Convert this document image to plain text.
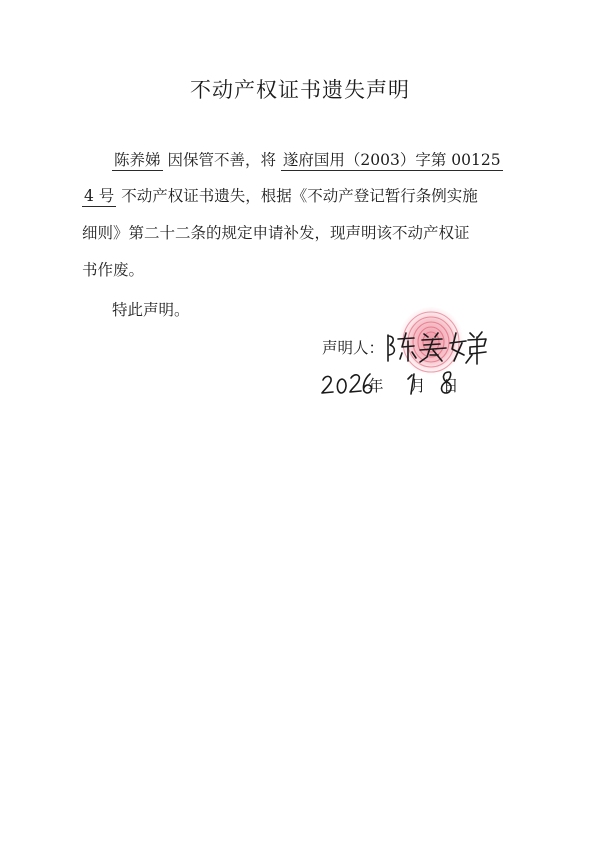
不动产权证书遗失声明
陈养娣 因保管不善，将 遂府国用（2003）字第 00125
4 号 不动产权证书遗失，根据《不动产登记暂行条例实施
细则》第二十二条的规定申请补发，现声明该不动产权证
书作废。
特此声明。
声明人：
年 月 日
